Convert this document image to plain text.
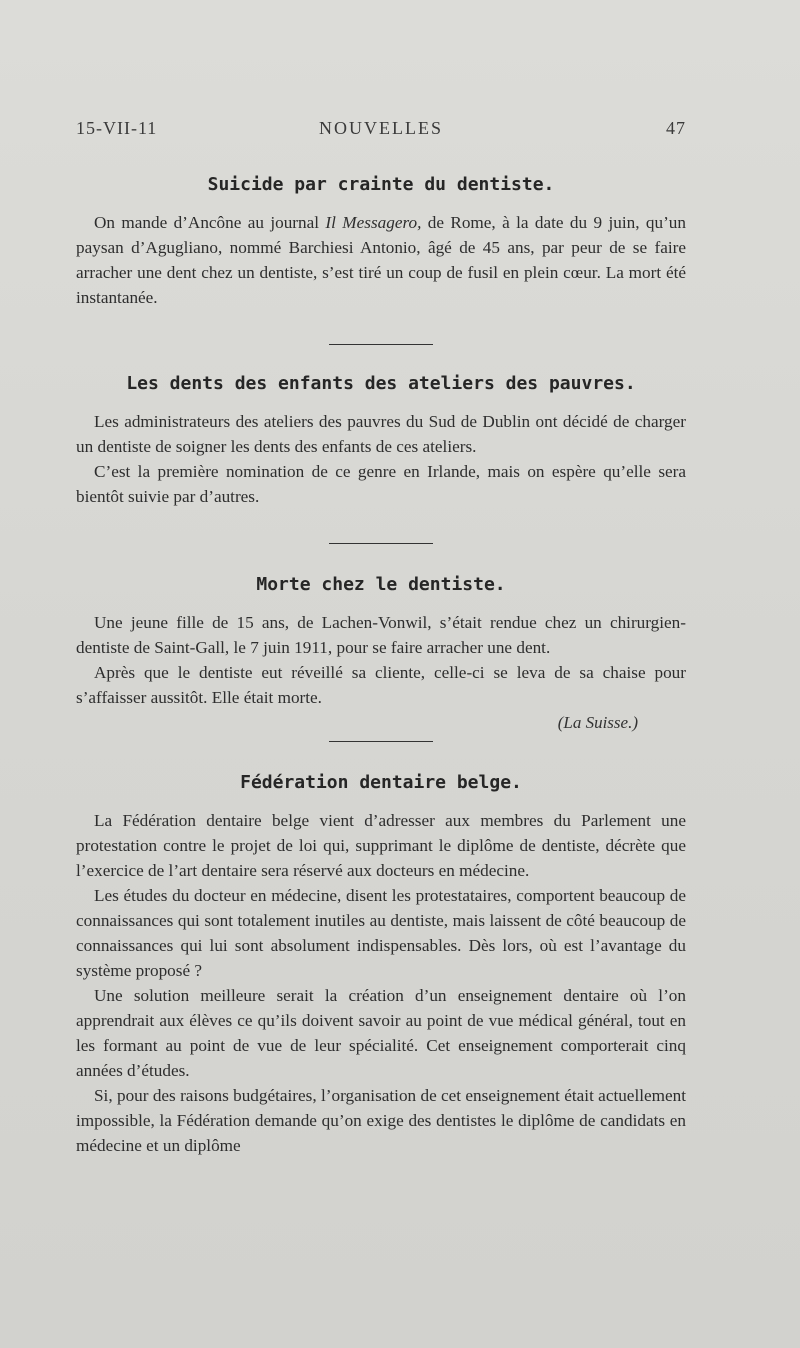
15-VII-11	NOUVELLES	47
Suicide par crainte du dentiste.

On mande d’Ancône au journal Il Messagero, de Rome, à la date du 9 juin, qu’un paysan d’Agugliano, nommé Barchiesi Antonio, âgé de 45 ans, par peur de se faire arracher une dent chez un dentiste, s’est tiré un coup de fusil en plein cœur. La mort été instantanée.

Les dents des enfants des ateliers des pauvres.

Les administrateurs des ateliers des pauvres du Sud de Dublin ont décidé de charger un dentiste de soigner les dents des enfants de ces ateliers.

C’est la première nomination de ce genre en Irlande, mais on espère qu’elle sera bientôt suivie par d’autres.

Morte chez le dentiste.

Une jeune fille de 15 ans, de Lachen-Vonwil, s’était rendue chez un chirurgien-dentiste de Saint-Gall, le 7 juin 1911, pour se faire arracher une dent.

Après que le dentiste eut réveillé sa cliente, celle-ci se leva de sa chaise pour s’affaisser aussitôt. Elle était morte.

(La Suisse.)

Fédération dentaire belge.

La Fédération dentaire belge vient d’adresser aux membres du Parlement une protestation contre le projet de loi qui, supprimant le diplôme de dentiste, décrète que l’exercice de l’art dentaire sera réservé aux docteurs en médecine.

Les études du docteur en médecine, disent les protestataires, comportent beaucoup de connaissances qui sont totalement inutiles au dentiste, mais laissent de côté beaucoup de connaissances qui lui sont absolument indispensables. Dès lors, où est l’avantage du système proposé ?

Une solution meilleure serait la création d’un enseignement dentaire où l’on apprendrait aux élèves ce qu’ils doivent savoir au point de vue médical général, tout en les formant au point de vue de leur spécialité. Cet enseignement comporterait cinq années d’études.

Si, pour des raisons budgétaires, l’organisation de cet enseignement était actuellement impossible, la Fédération demande qu’on exige des dentistes le diplôme de candidats en médecine et un diplôme
